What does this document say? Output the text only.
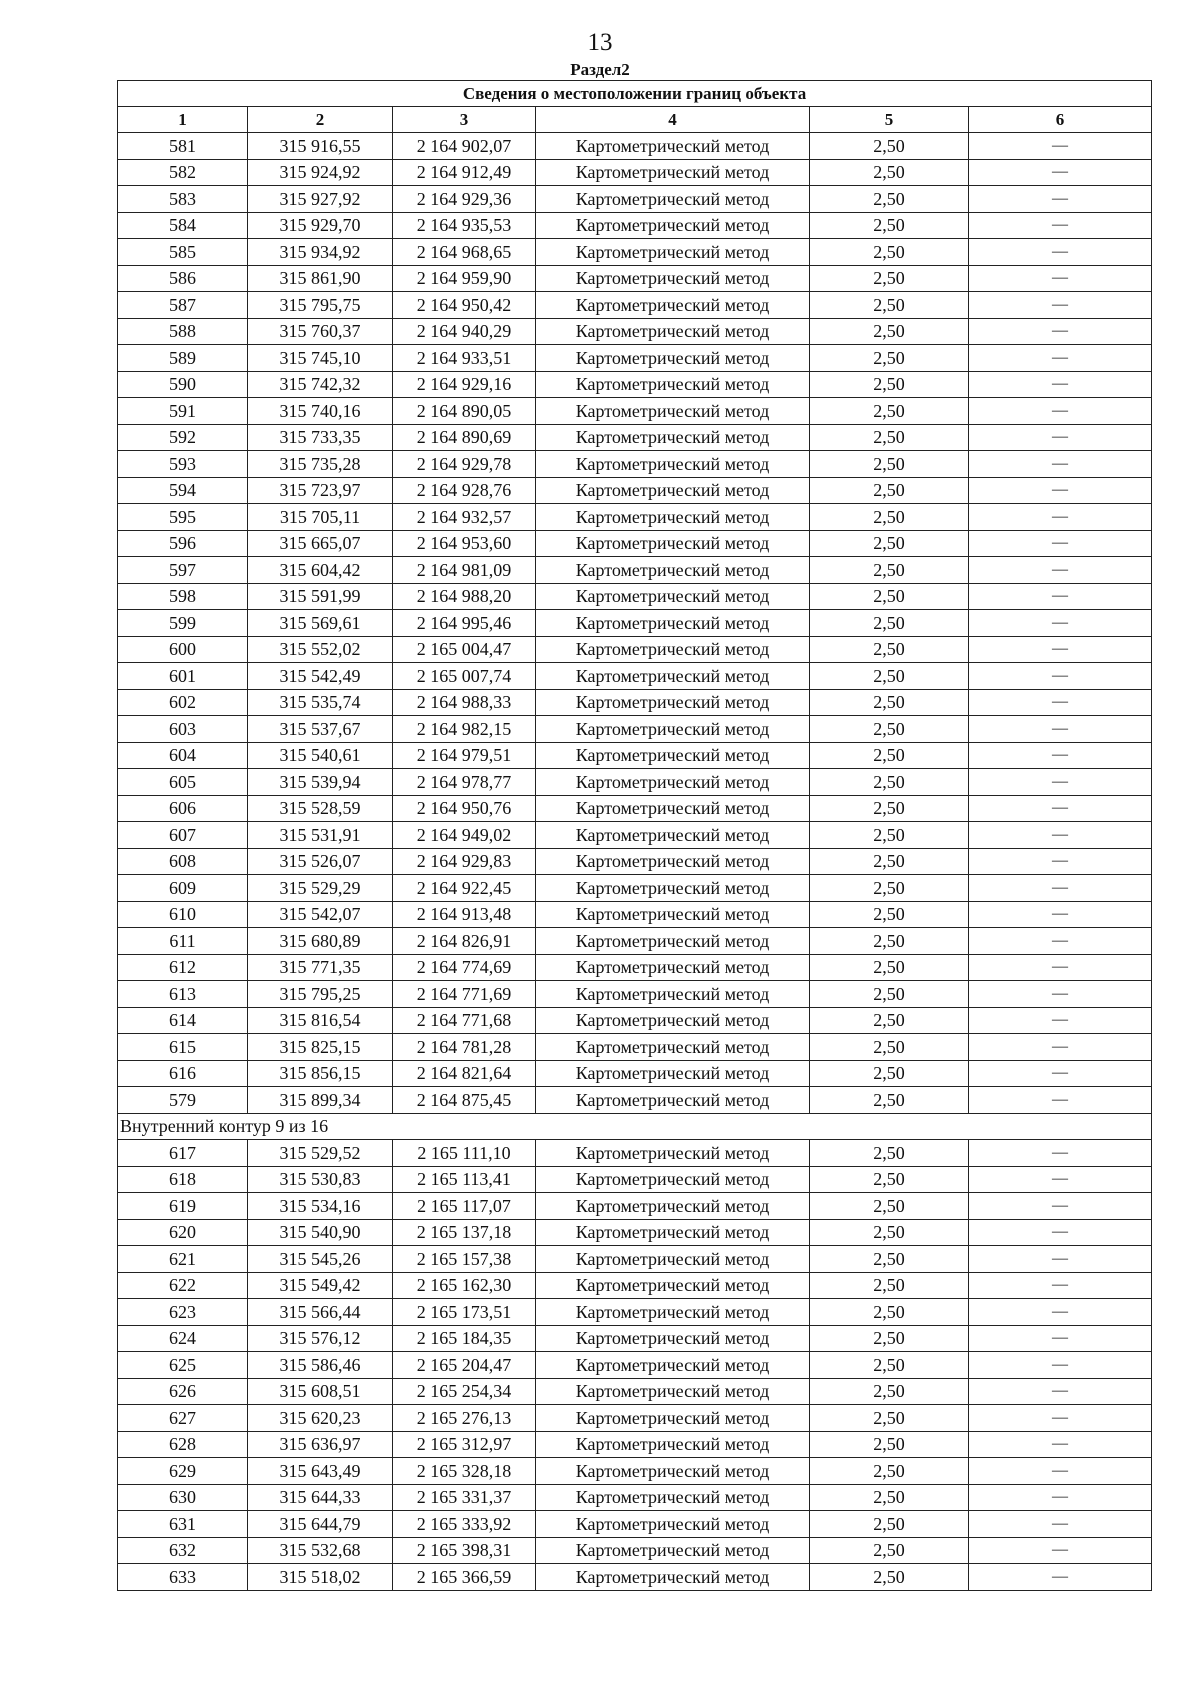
13
Раздел2
Сведения о местоположении границ объекта					
1	2	3	4	5	6
581	315 916,55	2 164 902,07	Картометрический метод	2,50	—
582	315 924,92	2 164 912,49	Картометрический метод	2,50	—
583	315 927,92	2 164 929,36	Картометрический метод	2,50	—
584	315 929,70	2 164 935,53	Картометрический метод	2,50	—
585	315 934,92	2 164 968,65	Картометрический метод	2,50	—
586	315 861,90	2 164 959,90	Картометрический метод	2,50	—
587	315 795,75	2 164 950,42	Картометрический метод	2,50	—
588	315 760,37	2 164 940,29	Картометрический метод	2,50	—
589	315 745,10	2 164 933,51	Картометрический метод	2,50	—
590	315 742,32	2 164 929,16	Картометрический метод	2,50	—
591	315 740,16	2 164 890,05	Картометрический метод	2,50	—
592	315 733,35	2 164 890,69	Картометрический метод	2,50	—
593	315 735,28	2 164 929,78	Картометрический метод	2,50	—
594	315 723,97	2 164 928,76	Картометрический метод	2,50	—
595	315 705,11	2 164 932,57	Картометрический метод	2,50	—
596	315 665,07	2 164 953,60	Картометрический метод	2,50	—
597	315 604,42	2 164 981,09	Картометрический метод	2,50	—
598	315 591,99	2 164 988,20	Картометрический метод	2,50	—
599	315 569,61	2 164 995,46	Картометрический метод	2,50	—
600	315 552,02	2 165 004,47	Картометрический метод	2,50	—
601	315 542,49	2 165 007,74	Картометрический метод	2,50	—
602	315 535,74	2 164 988,33	Картометрический метод	2,50	—
603	315 537,67	2 164 982,15	Картометрический метод	2,50	—
604	315 540,61	2 164 979,51	Картометрический метод	2,50	—
605	315 539,94	2 164 978,77	Картометрический метод	2,50	—
606	315 528,59	2 164 950,76	Картометрический метод	2,50	—
607	315 531,91	2 164 949,02	Картометрический метод	2,50	—
608	315 526,07	2 164 929,83	Картометрический метод	2,50	—
609	315 529,29	2 164 922,45	Картометрический метод	2,50	—
610	315 542,07	2 164 913,48	Картометрический метод	2,50	—
611	315 680,89	2 164 826,91	Картометрический метод	2,50	—
612	315 771,35	2 164 774,69	Картометрический метод	2,50	—
613	315 795,25	2 164 771,69	Картометрический метод	2,50	—
614	315 816,54	2 164 771,68	Картометрический метод	2,50	—
615	315 825,15	2 164 781,28	Картометрический метод	2,50	—
616	315 856,15	2 164 821,64	Картометрический метод	2,50	—
579	315 899,34	2 164 875,45	Картометрический метод	2,50	—
Внутренний контур 9 из 16					
617	315 529,52	2 165 111,10	Картометрический метод	2,50	—
618	315 530,83	2 165 113,41	Картометрический метод	2,50	—
619	315 534,16	2 165 117,07	Картометрический метод	2,50	—
620	315 540,90	2 165 137,18	Картометрический метод	2,50	—
621	315 545,26	2 165 157,38	Картометрический метод	2,50	—
622	315 549,42	2 165 162,30	Картометрический метод	2,50	—
623	315 566,44	2 165 173,51	Картометрический метод	2,50	—
624	315 576,12	2 165 184,35	Картометрический метод	2,50	—
625	315 586,46	2 165 204,47	Картометрический метод	2,50	—
626	315 608,51	2 165 254,34	Картометрический метод	2,50	—
627	315 620,23	2 165 276,13	Картометрический метод	2,50	—
628	315 636,97	2 165 312,97	Картометрический метод	2,50	—
629	315 643,49	2 165 328,18	Картометрический метод	2,50	—
630	315 644,33	2 165 331,37	Картометрический метод	2,50	—
631	315 644,79	2 165 333,92	Картометрический метод	2,50	—
632	315 532,68	2 165 398,31	Картометрический метод	2,50	—
633	315 518,02	2 165 366,59	Картометрический метод	2,50	—
